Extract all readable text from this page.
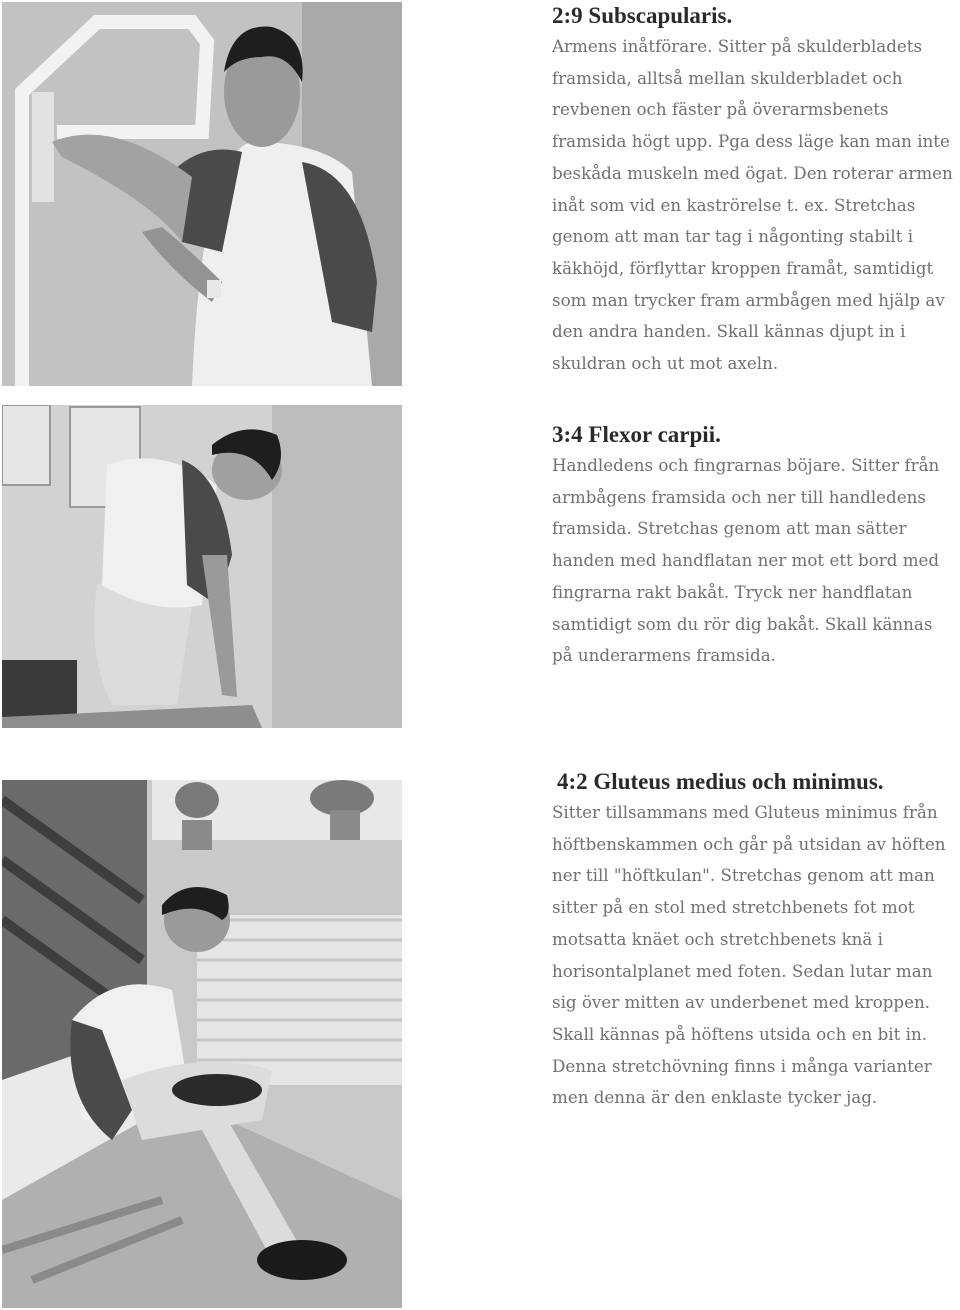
2:9 Subscapularis.

Armens inåtförare. Sitter på skulderbladets framsida, alltså mellan skulderbladet och revbenen och fäster på överarmsbenets framsida högt upp. Pga dess läge kan man inte beskåda muskeln med ögat. Den roterar armen inåt som vid en kaströrelse t. ex. Stretchas genom att man tar tag i någonting stabilt i käkhöjd, förflyttar kroppen framåt, samtidigt som man trycker fram armbågen med hjälp av den andra handen. Skall kännas djupt in i skuldran och ut mot axeln.

3:4 Flexor carpii.

Handledens och fingrarnas böjare. Sitter från armbågens framsida och ner till handledens framsida. Stretchas genom att man sätter handen med handflatan ner mot ett bord med fingrarna rakt bakåt. Tryck ner handflatan samtidigt som du rör dig bakåt. Skall kännas på underarmens framsida.

4:2 Gluteus medius och minimus.

Sitter tillsammans med Gluteus minimus från höftbenskammen och går på utsidan av höften ner till "höftkulan". Stretchas genom att man sitter på en stol med stretchbenets fot mot motsatta knäet och stretchbenets knä i horisontalplanet med foten. Sedan lutar man sig över mitten av underbenet med kroppen. Skall kännas på höftens utsida och en bit in. Denna stretchövning finns i många varianter men denna är den enklaste tycker jag.
